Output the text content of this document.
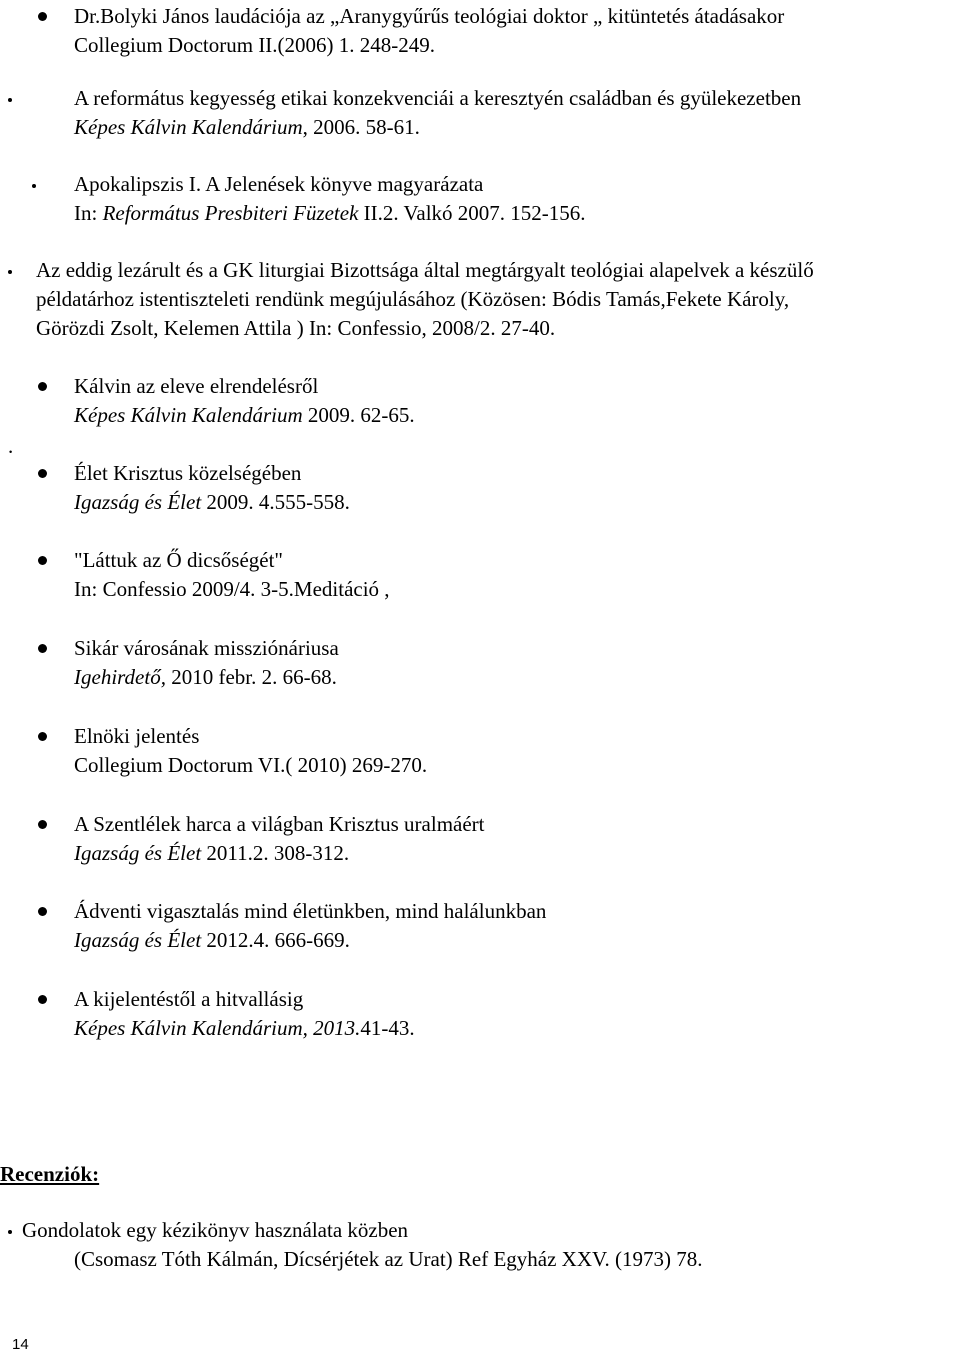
Dr.Bolyki János laudációja az „Aranygyűrűs teológiai doktor „ kitüntetés átadásakor
Collegium Doctorum II.(2006) 1. 248-249.
A református kegyesség etikai konzekvenciái a keresztyén családban és gyülekezetben
Képes Kálvin Kalendárium, 2006. 58-61.
Apokalipszis I. A Jelenések könyve magyarázata
In: Református Presbiteri Füzetek II.2. Valkó 2007. 152-156.
Az eddig lezárult és a GK liturgiai Bizottsága által megtárgyalt teológiai alapelvek a készülő
példatárhoz istentiszteleti rendünk megújulásához (Közösen: Bódis Tamás,Fekete Károly,
Görözdi Zsolt, Kelemen Attila ) In: Confessio, 2008/2. 27-40.
.
Kálvin az eleve elrendelésről
Képes Kálvin Kalendárium 2009. 62-65.
Élet Krisztus közelségében
Igazság és Élet 2009. 4.555-558.
"Láttuk az Ő dicsőségét"
In: Confessio 2009/4. 3-5.Meditáció ,
Sikár városának missziónáriusa
Igehirdető, 2010 febr. 2. 66-68.
Elnöki jelentés
Collegium Doctorum VI.( 2010) 269-270.
A Szentlélek harca a világban Krisztus uralmáért
Igazság és Élet 2011.2. 308-312.
Ádventi vigasztalás mind életünkben, mind halálunkban
Igazság és Élet 2012.4. 666-669.
A kijelentéstől a hitvallásig
Képes Kálvin Kalendárium, 2013.41-43.
Recenziók:
Gondolatok egy kézikönyv használata közben
(Csomasz Tóth Kálmán, Dícsérjétek az Urat) Ref Egyház XXV. (1973) 78.
14
